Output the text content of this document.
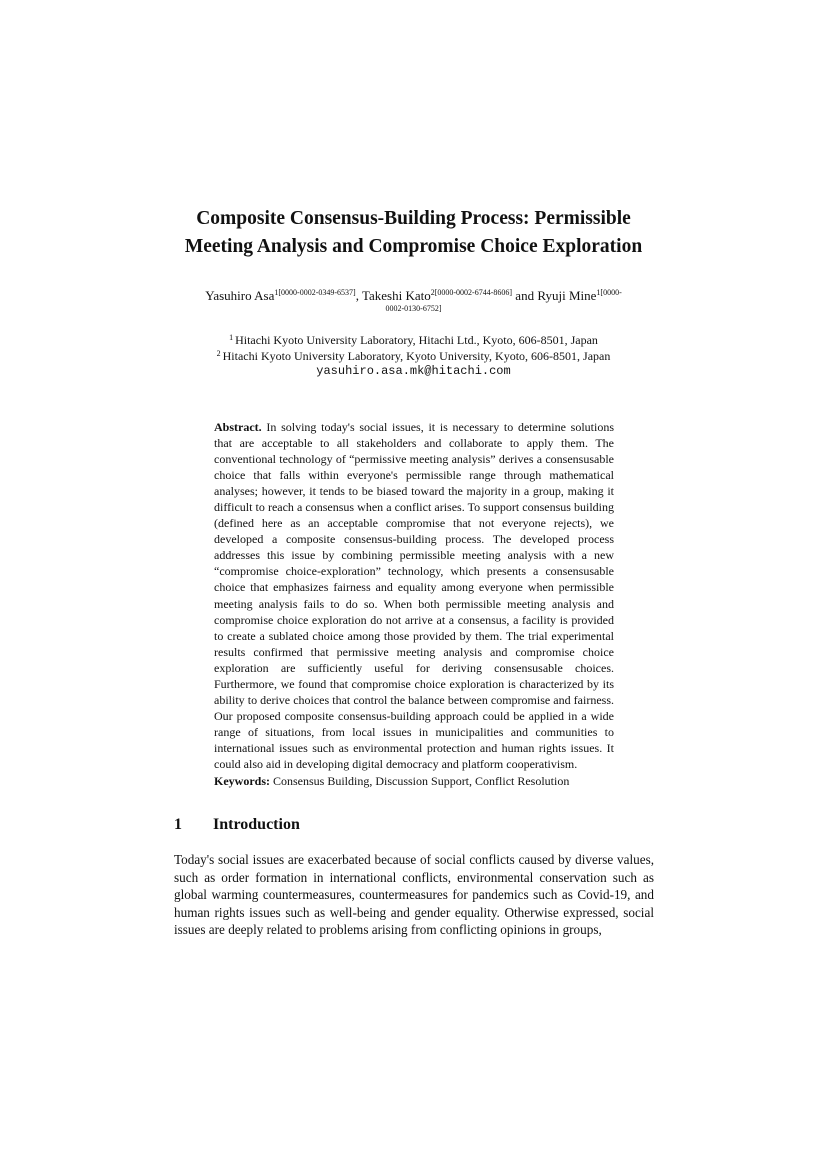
Composite Consensus-Building Process: Permissible
Meeting Analysis and Compromise Choice Exploration
Yasuhiro Asa$^{1[0000-0002-0349-6537]}$, Takeshi Kato$^{2[0000-0002-6744-8606]}$ and Ryuji Mine$^{1[0000-}$
0002-0130-6752]
$^1$ Hitachi Kyoto University Laboratory, Hitachi Ltd., Kyoto, 606-8501, Japan
$^2$ Hitachi Kyoto University Laboratory, Kyoto University, Kyoto, 606-8501, Japan
yasuhiro.asa.mk@hitachi.com
Abstract. In solving today's social issues, it is necessary to determine solutions that are acceptable to all stakeholders and collaborate to apply them. The conventional technology of “permissive meeting analysis” derives a consensusable choice that falls within everyone's permissible range through mathematical analyses; however, it tends to be biased toward the majority in a group, making it difficult to reach a consensus when a conflict arises. To support consensus building (defined here as an acceptable compromise that not everyone rejects), we developed a composite consensus-building process. The developed process addresses this issue by combining permissible meeting analysis with a new “compromise choice-exploration” technology, which presents a consensusable choice that emphasizes fairness and equality among everyone when permissible meeting analysis fails to do so. When both permissible meeting analysis and compromise choice exploration do not arrive at a consensus, a facility is provided to create a sublated choice among those provided by them. The trial experimental results confirmed that permissive meeting analysis and compromise choice exploration are sufficiently useful for deriving consensusable choices. Furthermore, we found that compromise choice exploration is characterized by its ability to derive choices that control the balance between compromise and fairness. Our proposed composite consensus-building approach could be applied in a wide range of situations, from local issues in municipalities and communities to international issues such as environmental protection and human rights issues. It could also aid in developing digital democracy and platform cooperativism.
Keywords: Consensus Building, Discussion Support, Conflict Resolution
1 Introduction
Today's social issues are exacerbated because of social conflicts caused by diverse values, such as order formation in international conflicts, environmental conservation such as global warming countermeasures, countermeasures for pandemics such as Covid-19, and human rights issues such as well-being and gender equality. Otherwise expressed, social issues are deeply related to problems arising from conflicting opinions in groups,
